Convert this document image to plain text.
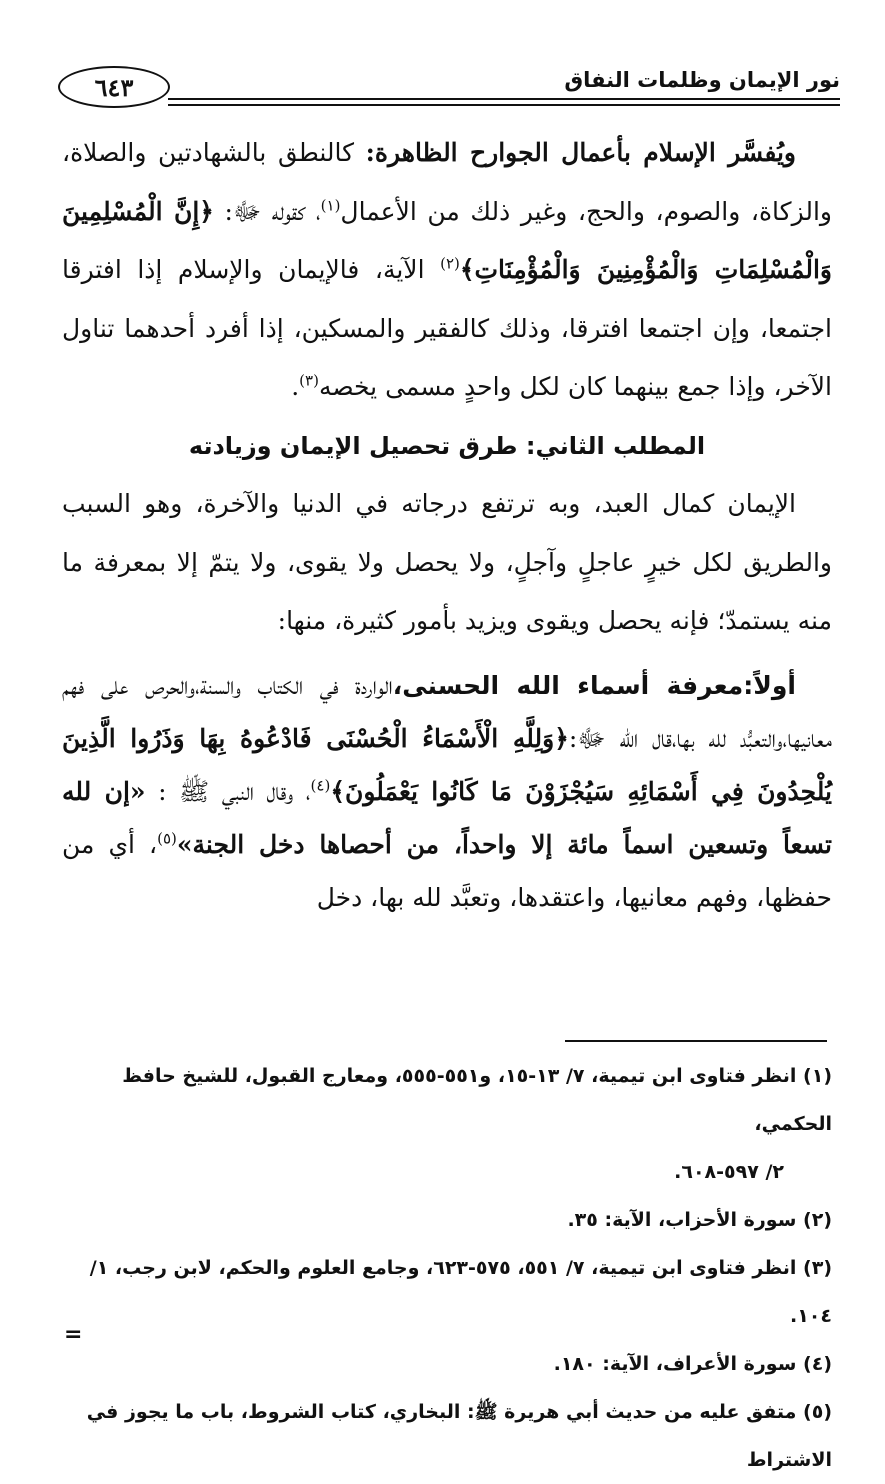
٦٤٣	نور الإيمان وظلمات النفاق

ويُفسَّر الإسلام بأعمال الجوارح الظاهرة: كالنطق بالشهادتين والصلاة، والزكاة، والصوم، والحج، وغير ذلك من الأعمال$^{(١)}$، كقوله ﷻ: ﴿إِنَّ الْمُسْلِمِينَ وَالْمُسْلِمَاتِ وَالْمُؤْمِنِينَ وَالْمُؤْمِنَاتِ﴾$^{(٢)}$ الآية، فالإيمان والإسلام إذا افترقا اجتمعا، وإن اجتمعا افترقا، وذلك كالفقير والمسكين، إذا أفرد أحدهما تناول الآخر، وإذا جمع بينهما كان لكل واحدٍ مسمى يخصه$^{(٣)}$.

المطلب الثاني: طرق تحصيل الإيمان وزيادته

الإيمان كمال العبد، وبه ترتفع درجاته في الدنيا والآخرة، وهو السبب والطريق لكل خيرٍ عاجلٍ وآجلٍ، ولا يحصل ولا يقوى، ولا يتمّ إلا بمعرفة ما منه يستمدّ؛ فإنه يحصل ويقوى ويزيد بأمور كثيرة، منها:

أولاً:معرفة أسماء الله الحسنى،الواردة في الكتاب والسنة،والحرص على فهم معانيها،والتعبُّد لله بها،قال الله ﷻ:﴿وَلِلَّهِ الْأَسْمَاءُ الْحُسْنَى فَادْعُوهُ بِهَا وَذَرُوا الَّذِينَ يُلْحِدُونَ فِي أَسْمَائِهِ سَيُجْزَوْنَ مَا كَانُوا يَعْمَلُونَ﴾$^{(٤)}$، وقال النبي ﷺ : «إن لله تسعاً وتسعين اسماً مائة إلا واحداً، من أحصاها دخل الجنة»$^{(٥)}$، أي من حفظها، وفهم معانيها، واعتقدها، وتعبَّد لله بها، دخل

(١) انظر فتاوى ابن تيمية، ٧/ ١٣-١٥، و٥٥١-٥٥٥، ومعارج القبول، للشيخ حافظ الحكمي،

٢/ ٥٩٧-٦٠٨.

(٢) سورة الأحزاب، الآية: ٣٥.

(٣) انظر فتاوى ابن تيمية، ٧/ ٥٥١، ٥٧٥-٦٢٣، وجامع العلوم والحكم، لابن رجب، ١/ ١٠٤.

(٤) سورة الأعراف، الآية: ١٨٠.

(٥) متفق عليه من حديث أبي هريرة ﷺ: البخاري، كتاب الشروط، باب ما يجوز في الاشتراط

=
